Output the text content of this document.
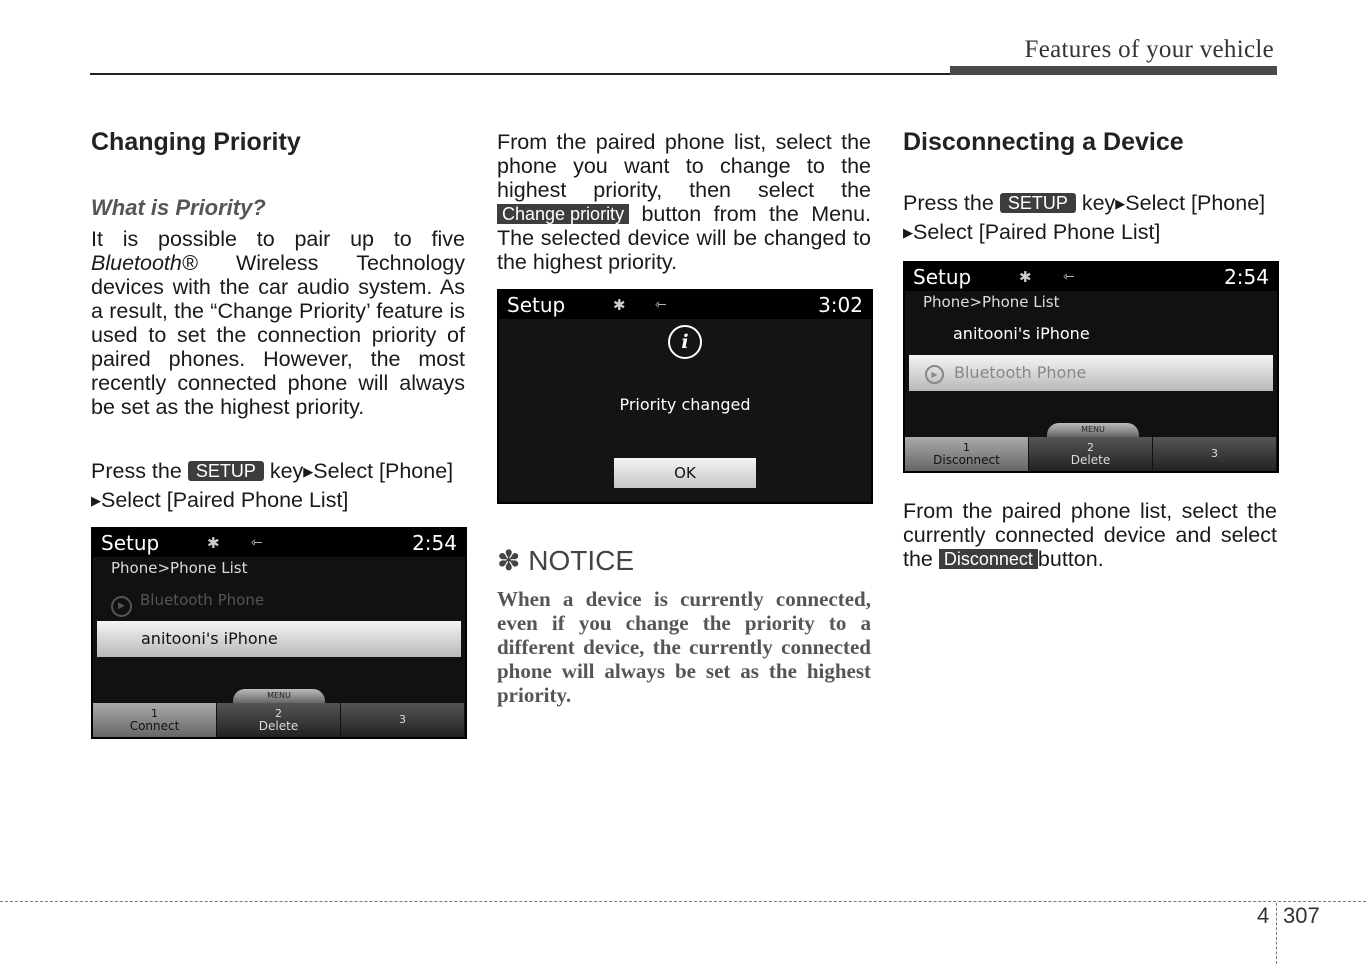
Features of your vehicle
Changing Priority
What is Priority?
It is possible to pair up to five Bluetooth® Wireless Technology devices with the car audio system. As a result, the “Change Priority’ feature is used to set the connection priority of paired phones. However, the most recently connected phone will always be set as the highest priority.
Press the SETUP key▶Select [Phone]
▶Select [Paired Phone List]
Setup	✱ ⇽	2:54
Phone>Phone List
▶ Bluetooth Phone
anitooni's iPhone
MENU
1
Connect
2
Delete	3
From the paired phone list, select the phone you want to change to the highest priority, then select the Change priority button from the Menu. The selected device will be changed to the highest priority.
Setup	✱ ⇽	3:02
i
Priority changed
OK
✽ NOTICE
When a device is currently connected, even if you change the priority to a different device, the currently connected phone will always be set as the highest priority.
Disconnecting a Device
Press the SETUP key▶Select [Phone]
▶Select [Paired Phone List]
Setup	✱ ⇽	2:54
Phone>Phone List
anitooni's iPhone
▶ Bluetooth Phone
MENU
1
Disconnect
2
Delete	3
From the paired phone list, select the currently connected device and select the Disconnect button.
4 307
